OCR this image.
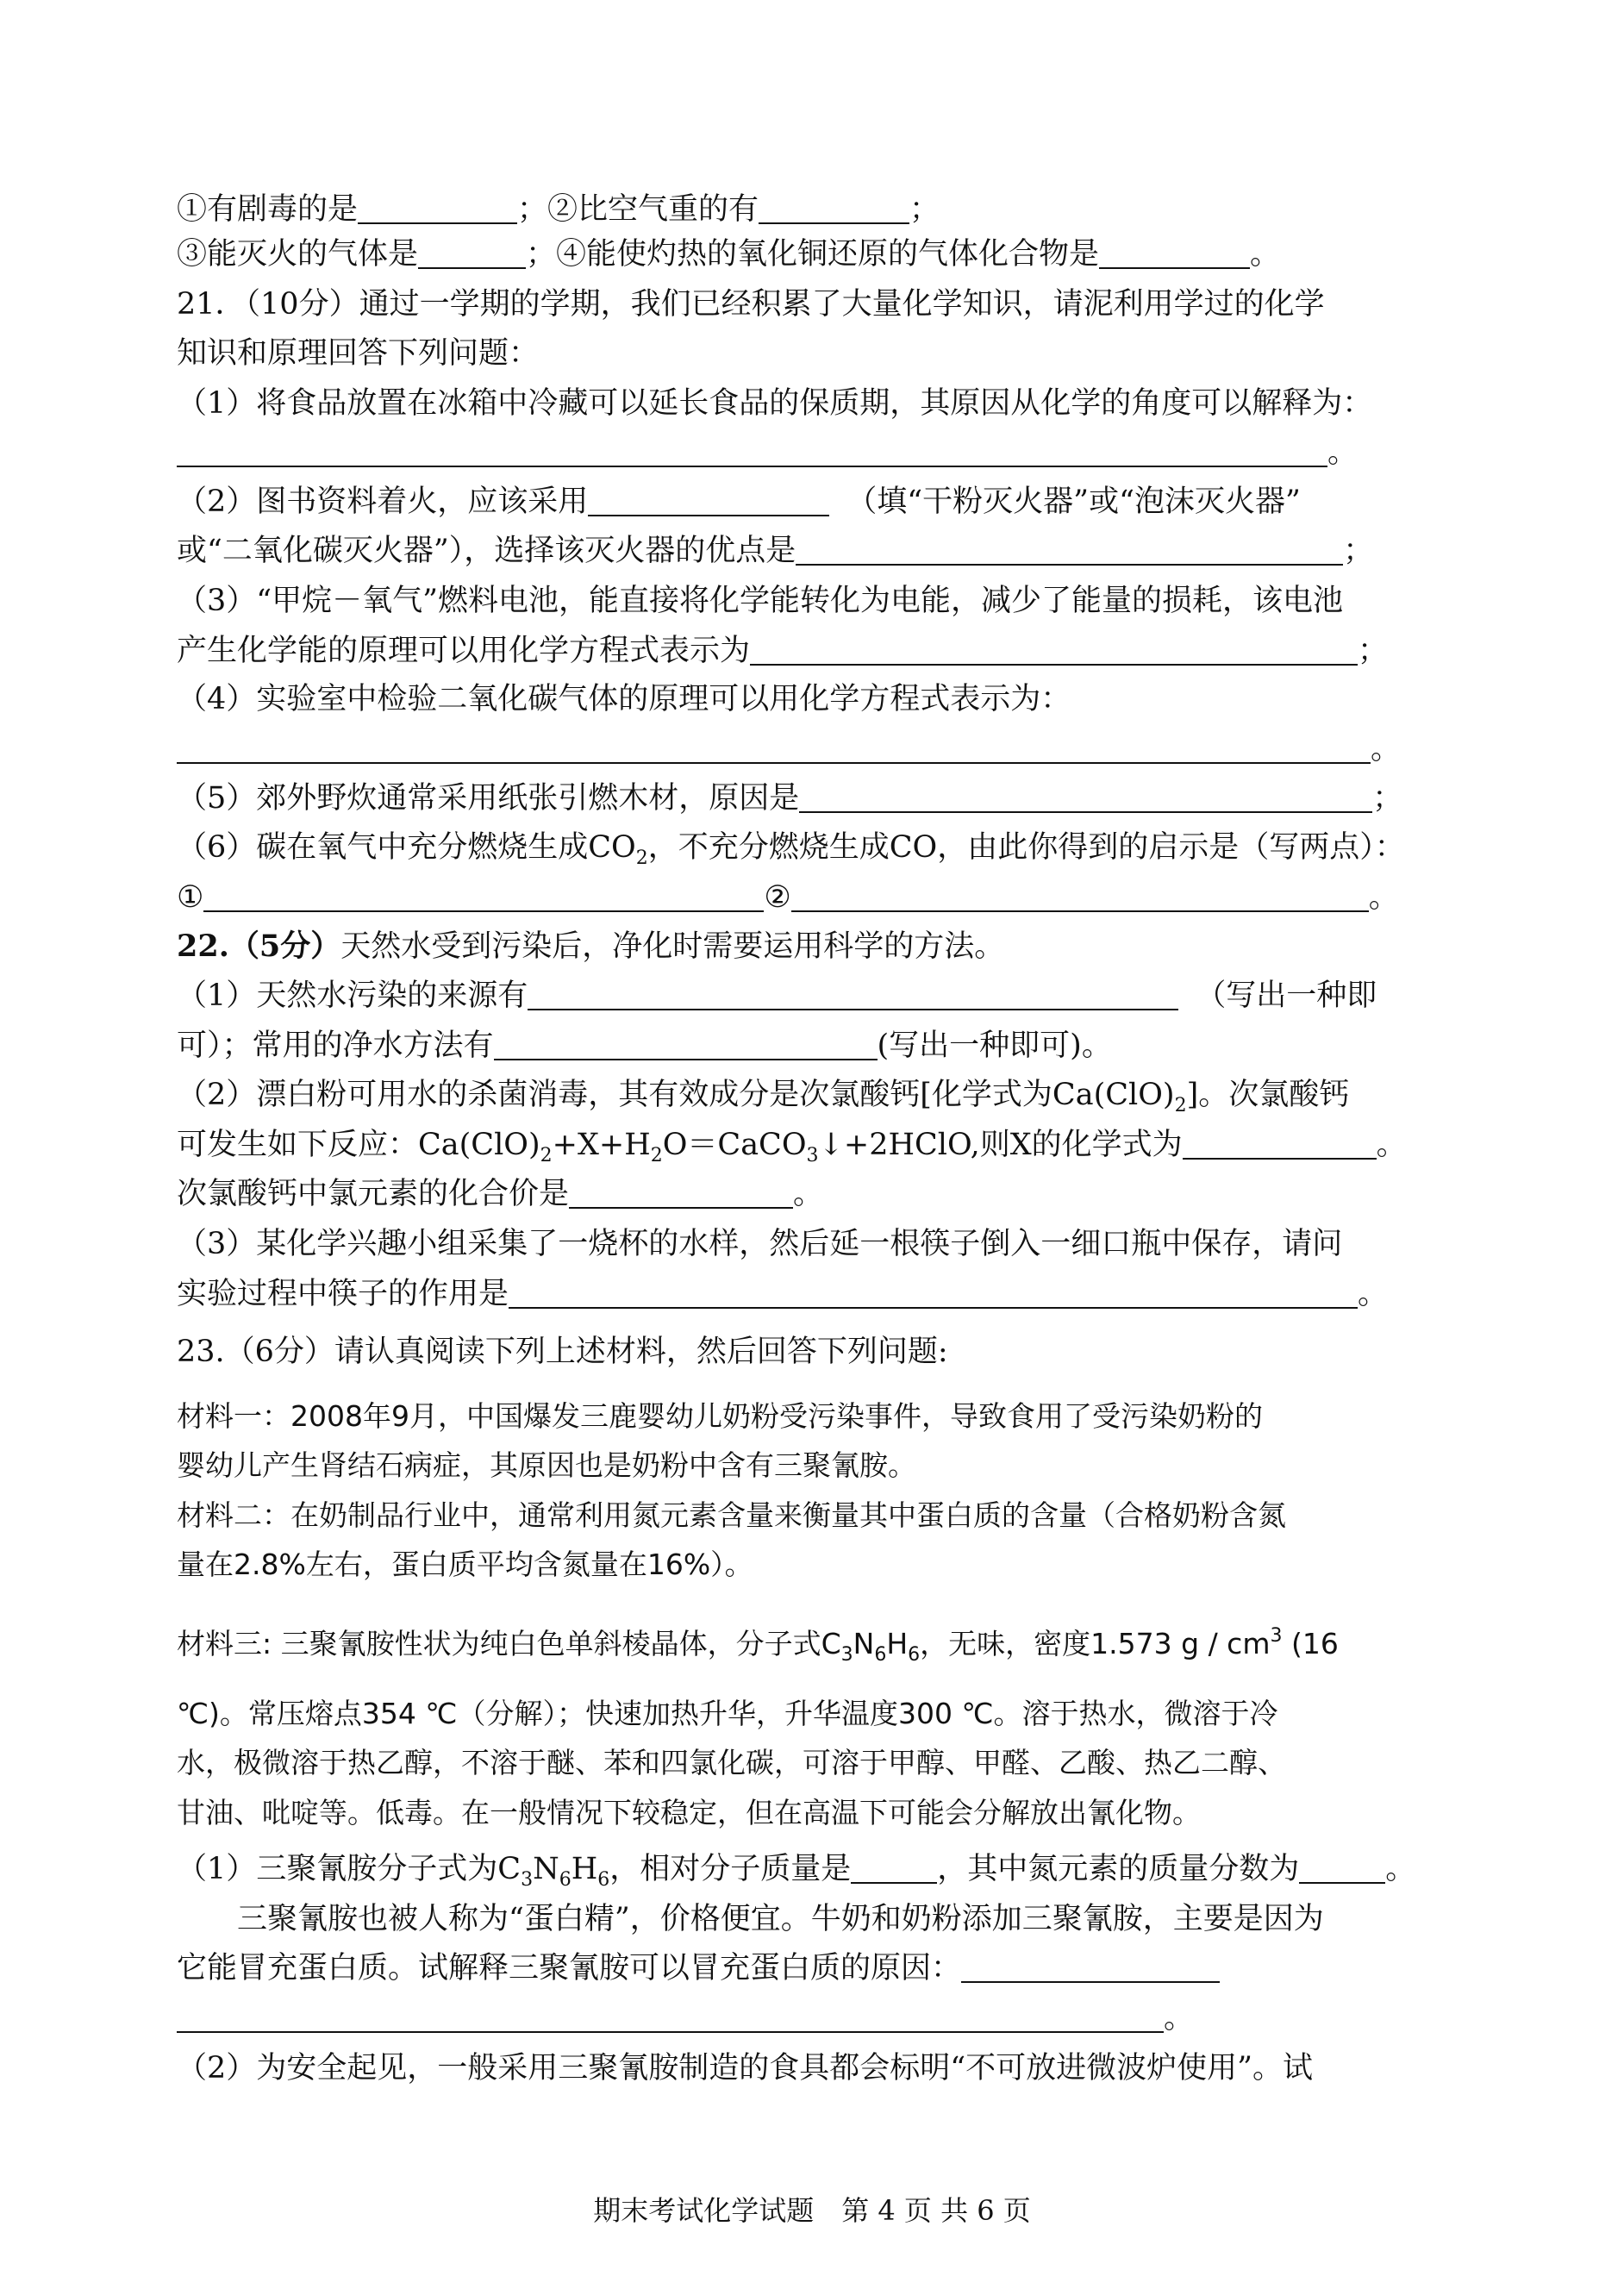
①有剧毒的是	；②比空气重的有	；
③能灭火的气体是	；④能使灼热的氧化铜还原的气体化合物是	。
21．（10分）通过一学期的学期，我们已经积累了大量化学知识，请泥利用学过的化学
知识和原理回答下列问题：
（1）将食品放置在冰箱中冷藏可以延长食品的保质期，其原因从化学的角度可以解释为：
。
（2）图书资料着火，应该采用	（填“干粉灭火器”或“泡沫灭火器”
或“二氧化碳灭火器”），选择该灭火器的优点是	；
（3）“甲烷－氧气”燃料电池，能直接将化学能转化为电能，减少了能量的损耗，该电池
产生化学能的原理可以用化学方程式表示为	；
（4）实验室中检验二氧化碳气体的原理可以用化学方程式表示为：
。
（5）郊外野炊通常采用纸张引燃木材，原因是	；
（6）碳在氧气中充分燃烧生成$CO_2$，不充分燃烧生成CO，由此你得到的启示是（写两点）：
①	②	。
22.（5分）天然水受到污染后，净化时需要运用科学的方法。
（1）天然水污染的来源有	（写出一种即
可）；常用的净水方法有	(写出一种即可)。
（2）漂白粉可用水的杀菌消毒，其有效成分是次氯酸钙[化学式为$Ca(ClO)_2$]。次氯酸钙
可发生如下反应：$Ca(ClO)_2+X+H_2O=CaCO_3↓+2HClO$,则X的化学式为	。
次氯酸钙中氯元素的化合价是	。
（3）某化学兴趣小组采集了一烧杯的水样，然后延一根筷子倒入一细口瓶中保存，请问
实验过程中筷子的作用是	。
23.（6分）请认真阅读下列上述材料，然后回答下列问题:
材料一：2008年9月，中国爆发三鹿婴幼儿奶粉受污染事件，导致食用了受污染奶粉的
婴幼儿产生肾结石病症，其原因也是奶粉中含有三聚氰胺。
材料二：在奶制品行业中，通常利用氮元素含量来衡量其中蛋白质的含量（合格奶粉含氮
量在2.8%左右，蛋白质平均含氮量在16%）。
材料三: 三聚氰胺性状为纯白色单斜棱晶体，分子式$C_3N_6H_6$，无味，密度1.573 g / $cm^3$ (16
℃)。常压熔点354 ℃（分解）；快速加热升华，升华温度300 ℃。溶于热水，微溶于冷
水，极微溶于热乙醇，不溶于醚、苯和四氯化碳，可溶于甲醇、甲醛、乙酸、热乙二醇、
甘油、吡啶等。低毒。在一般情况下较稳定，但在高温下可能会分解放出氰化物。
（1）三聚氰胺分子式为$C_3N_6H_6$，相对分子质量是	，其中氮元素的质量分数为	。
三聚氰胺也被人称为“蛋白精”，价格便宜。牛奶和奶粉添加三聚氰胺，主要是因为
它能冒充蛋白质。试解释三聚氰胺可以冒充蛋白质的原因：
。
（2）为安全起见，一般采用三聚氰胺制造的食具都会标明“不可放进微波炉使用”。试
期末考试化学试题　第 4 页 共 6 页
